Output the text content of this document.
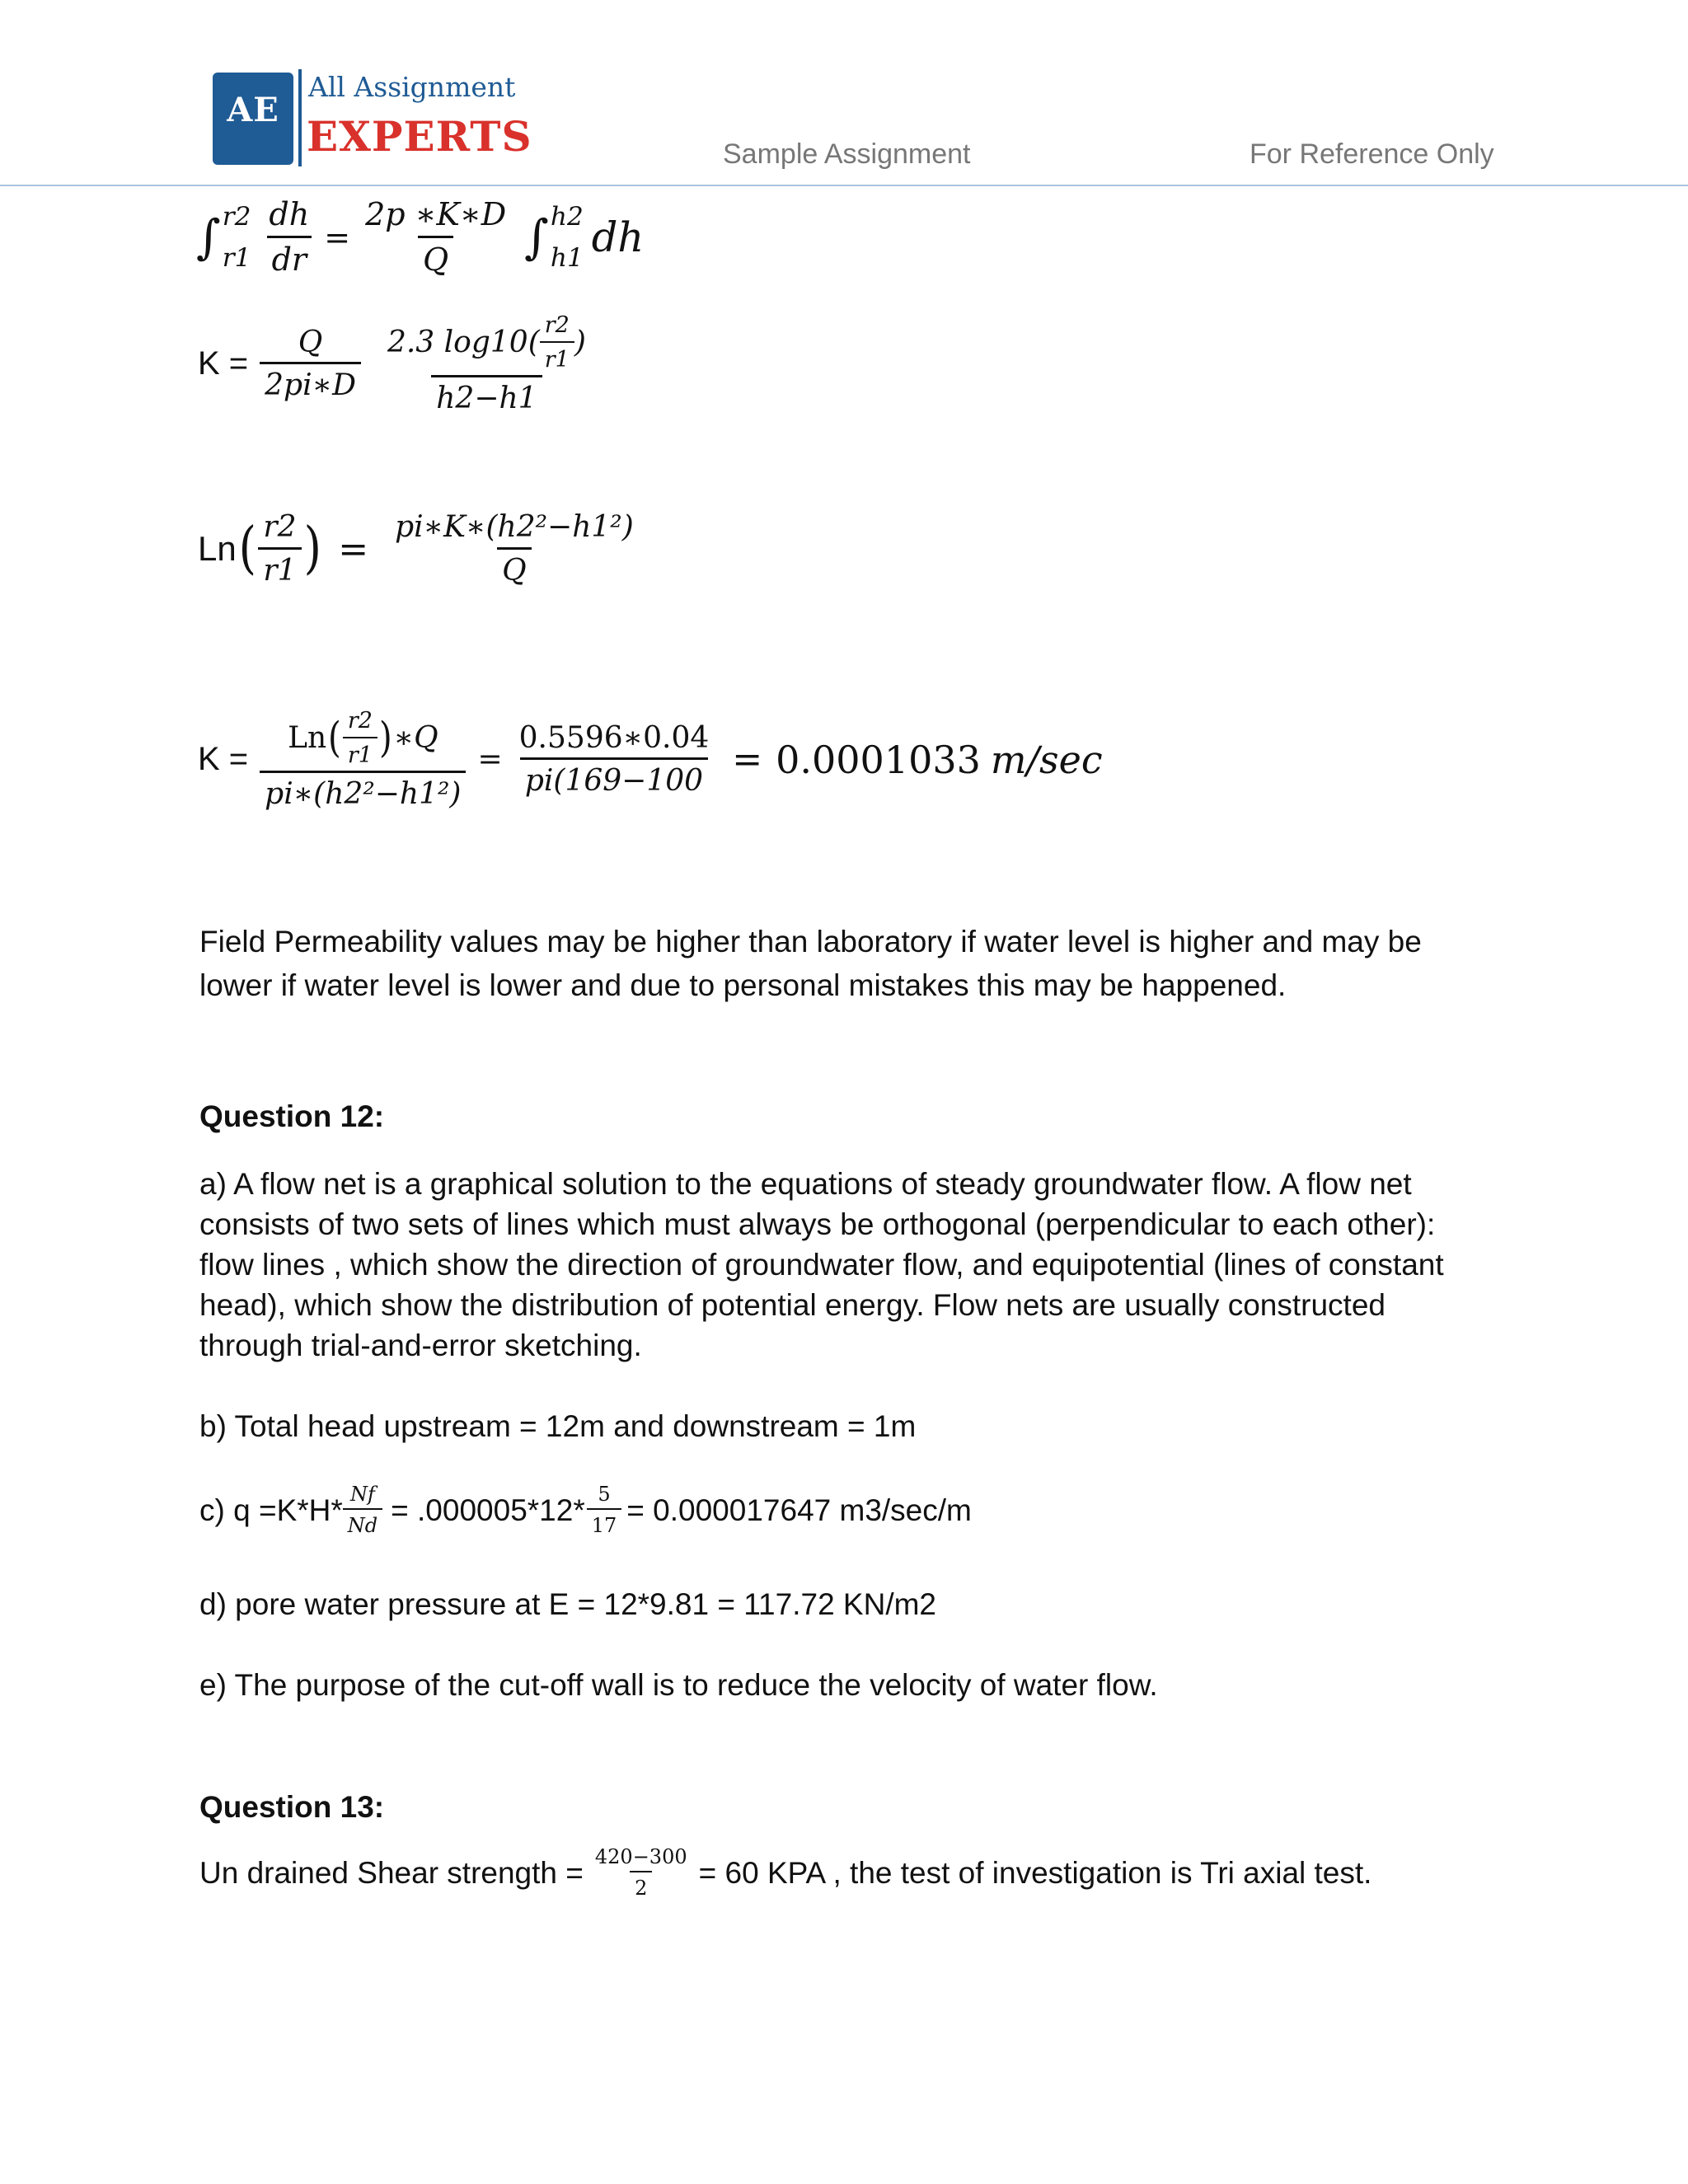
AE
All Assignment
EXPERTS	Sample Assignment	For Reference Only
∫ r2
$r1 \frac{dh}{dr} = \frac{2p ∗K∗D}{Q}$ ∫ h2
h1 dh
$K = \frac{Q}{2pi∗D} \frac{2.3 \log 10( \frac{r2}{r1} )}{h2-h1}$
Ln ( $\frac{r2}{r1}$ ) = $\frac{\text{pi∗K∗(h2²−h1²)}}{Q}$
$K = \frac{Ln ( \frac{r2}{r1} ) ∗Q}{\text{pi∗(h2²−h1²)}} = \frac{0.5596∗0.04}{pi(169-100} = 0.0001033$ m/sec
Field Permeability values may be higher than laboratory if water level is higher and may be
lower if water level is lower and due to personal mistakes this may be happened.
Question 12:
a) A flow net is a graphical solution to the equations of steady groundwater flow. A flow net
consists of two sets of lines which must always be orthogonal (perpendicular to each other):
flow lines , which show the direction of groundwater flow, and equipotential (lines of constant
head), which show the distribution of potential energy. Flow nets are usually constructed
through trial-and-error sketching.
b) Total head upstream = 12m and downstream = 1m
c) $q =K*H* \frac{Nf}{Nd} = .000005*12* \frac{5}{17} = 0.000017647$ m3/sec/m
d) pore water pressure at E = 12*9.81 = 117.72 KN/m2
e) The purpose of the cut-off wall is to reduce the velocity of water flow.
Question 13:
Un drained Shear strength = $\frac{420-300}{2} = 60$ KPA , the test of investigation is Tri axial test.
